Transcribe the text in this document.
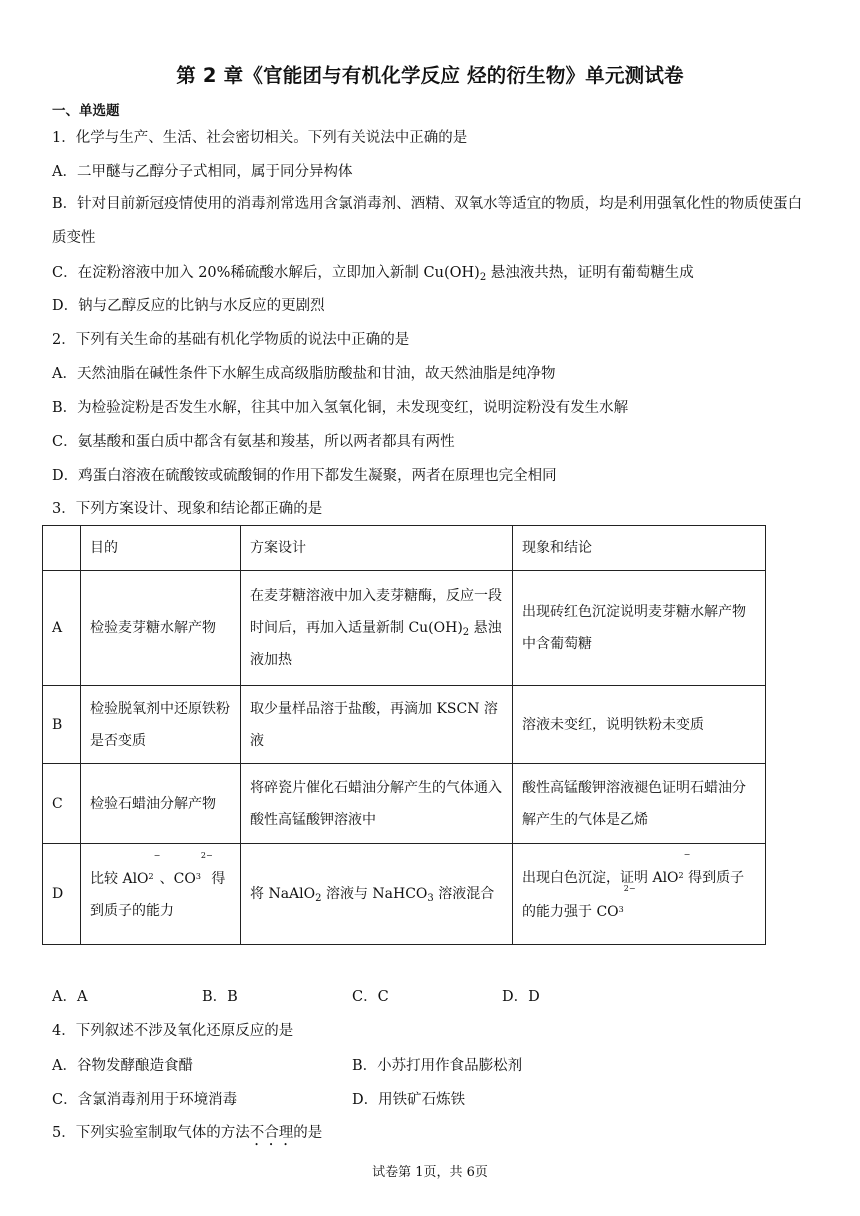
第 2 章《官能团与有机化学反应 烃的衍生物》单元测试卷
一、单选题
1．化学与生产、生活、社会密切相关。下列有关说法中正确的是
A．二甲醚与乙醇分子式相同，属于同分异构体
B．针对目前新冠疫情使用的消毒剂常选用含氯消毒剂、酒精、双氧水等适宜的物质，均是利用强氧化性的物质使蛋白质变性
C．在淀粉溶液中加入 20%稀硫酸水解后，立即加入新制 $Cu(OH)_2$ 悬浊液共热，证明有葡萄糖生成
D．钠与乙醇反应的比钠与水反应的更剧烈
2．下列有关生命的基础有机化学物质的说法中正确的是
A．天然油脂在碱性条件下水解生成高级脂肪酸盐和甘油，故天然油脂是纯净物
B．为检验淀粉是否发生水解，往其中加入氢氧化铜，未发现变红，说明淀粉没有发生水解
C．氨基酸和蛋白质中都含有氨基和羧基，所以两者都具有两性
D．鸡蛋白溶液在硫酸铵或硫酸铜的作用下都发生凝聚，两者在原理也完全相同
3．下列方案设计、现象和结论都正确的是
	目的	方案设计	现象和结论
A	检验麦芽糖水解产物	在麦芽糖溶液中加入麦芽糖酶，反应一段时间后，再加入适量新制 $Cu(OH)_2$ 悬浊液加热	出现砖红色沉淀说明麦芽糖水解产物中含葡萄糖
B	检验脱氧剂中还原铁粉是否变质	取少量样品溶于盐酸，再滴加 KSCN 溶液	溶液未变红，说明铁粉未变质
C	检验石蜡油分解产物	将碎瓷片催化石蜡油分解产生的气体通入酸性高锰酸钾溶液中	酸性高锰酸钾溶液褪色证明石蜡油分解产生的气体是乙烯
D	比较 AlO$^2$
−
、$CO^3$
2−
得到质子的能力	将 NaAlO$_2$ 溶液与 NaHCO$_3$ 溶液混合	出现白色沉淀，证明 AlO$^2$
−
得到质子的能力强于 $CO^3$
2−
A．A	B．B	C．C	D．D
4．下列叙述不涉及氧化还原反应的是
A．谷物发酵酿造食醋	B．小苏打用作食品膨松剂
C．含氯消毒剂用于环境消毒	D．用铁矿石炼铁
5．下列实验室制取气体的方法不合理的是
试卷第 1页，共 6页
